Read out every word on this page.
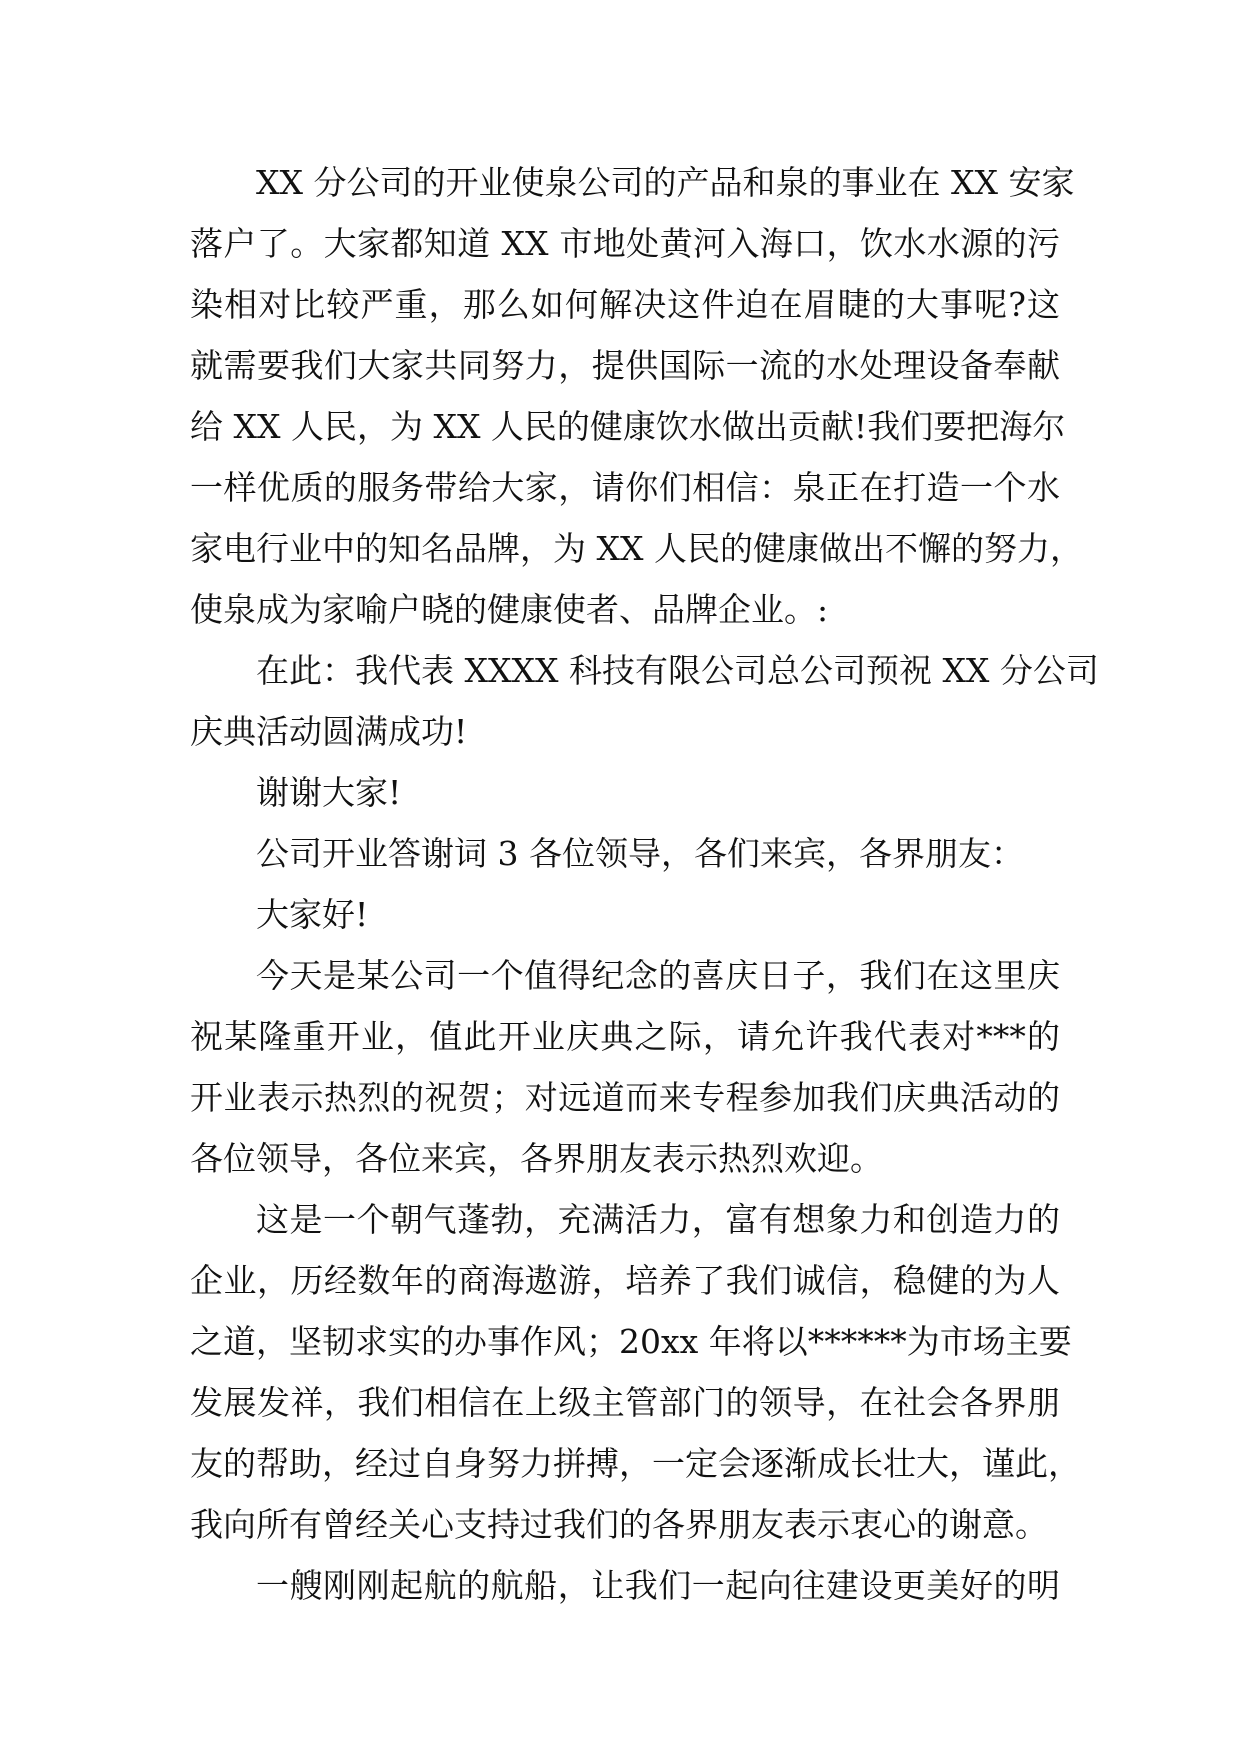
XX 分公司的开业使泉公司的产品和泉的事业在 XX 安家
落户了。大家都知道 XX 市地处黄河入海口，饮水水源的污
染相对比较严重，那么如何解决这件迫在眉睫的大事呢?这
就需要我们大家共同努力，提供国际一流的水处理设备奉献
给 XX 人民，为 XX 人民的健康饮水做出贡献!我们要把海尔
一样优质的服务带给大家，请你们相信：泉正在打造一个水
家电行业中的知名品牌，为 XX 人民的健康做出不懈的努力，
使泉成为家喻户晓的健康使者、品牌企业。:
在此：我代表 XXXX 科技有限公司总公司预祝 XX 分公司
庆典活动圆满成功!
谢谢大家!
公司开业答谢词 3 各位领导，各们来宾，各界朋友：
大家好!
今天是某公司一个值得纪念的喜庆日子，我们在这里庆
祝某隆重开业，值此开业庆典之际，请允许我代表对***的
开业表示热烈的祝贺；对远道而来专程参加我们庆典活动的
各位领导，各位来宾，各界朋友表示热烈欢迎。
这是一个朝气蓬勃，充满活力，富有想象力和创造力的
企业，历经数年的商海遨游，培养了我们诚信，稳健的为人
之道，坚韧求实的办事作风；20xx 年将以******为市场主要
发展发祥，我们相信在上级主管部门的领导，在社会各界朋
友的帮助，经过自身努力拼搏，一定会逐渐成长壮大，谨此，
我向所有曾经关心支持过我们的各界朋友表示衷心的谢意。
一艘刚刚起航的航船，让我们一起向往建设更美好的明
